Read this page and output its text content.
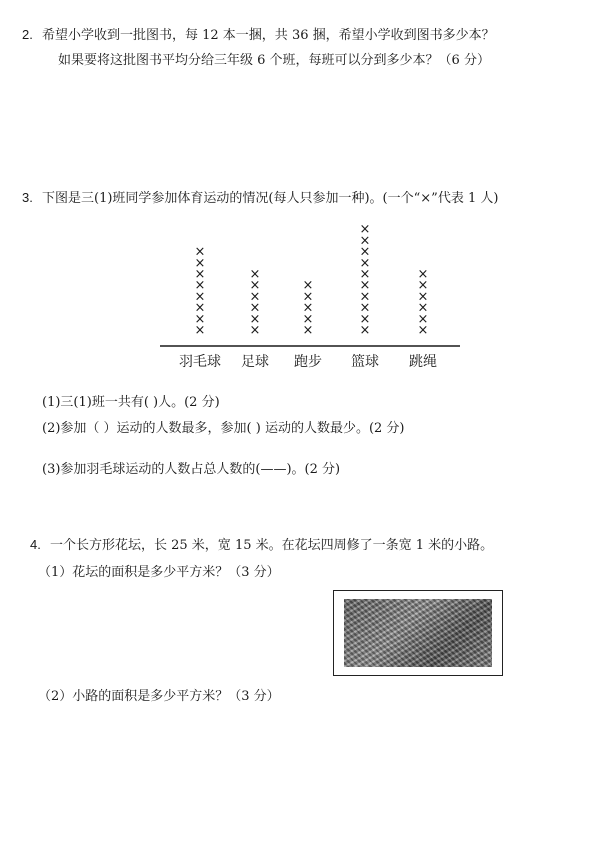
2. 希望小学收到一批图书，每 12 本一捆，共 36 捆，希望小学收到图书多少本？
如果要将这批图书平均分给三年级 6 个班，每班可以分到多少本？（6 分）
3. 下图是三(1)班同学参加体育运动的情况(每人只参加一种)。(一个“×”代表 1 人)
×
×
×
×
×
×
×
×
×
×
×
×
×
×
×
×
×
×
×
×
×
×
×
×
×
×
×
×
×
×
×
×
×
×
×
羽毛球 足球 跑步 篮球 跳绳
(1)三(1)班一共有( )人。(2 分)
(2)参加（ ）运动的人数最多，参加( ) 运动的人数最少。(2 分)
(3)参加羽毛球运动的人数占总人数的(——)。(2 分)
4. 一个长方形花坛，长 25 米，宽 15 米。在花坛四周修了一条宽 1 米的小路。
（1）花坛的面积是多少平方米？（3 分）
（2）小路的面积是多少平方米？（3 分）
